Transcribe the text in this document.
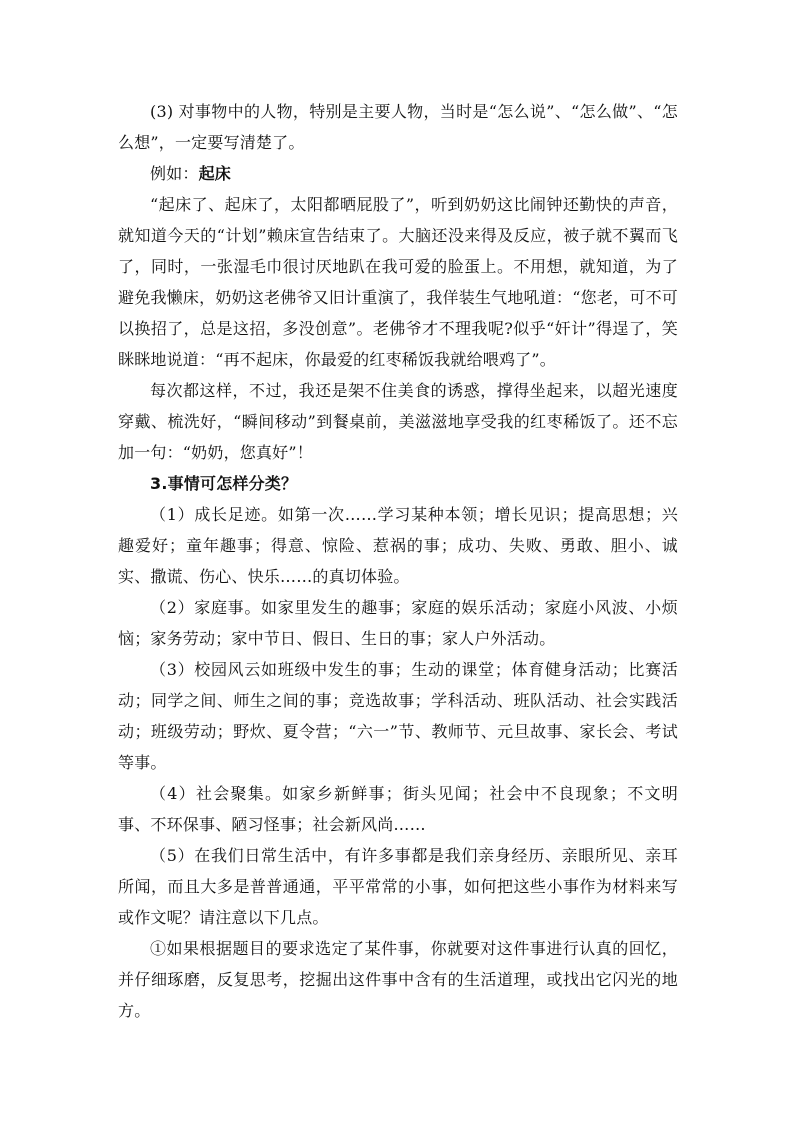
(3) 对事物中的人物，特别是主要人物，当时是“怎么说”、“怎么做”、“怎么想”，一定要写清楚了。

例如：起床

“起床了、起床了，太阳都晒屁股了”，听到奶奶这比闹钟还勤快的声音，就知道今天的“计划”赖床宣告结束了。大脑还没来得及反应，被子就不翼而飞了，同时，一张湿毛巾很讨厌地趴在我可爱的脸蛋上。不用想，就知道，为了避免我懒床，奶奶这老佛爷又旧计重演了，我佯装生气地吼道：“您老，可不可以换招了，总是这招，多没创意”。老佛爷才不理我呢?似乎“奸计”得逞了，笑眯眯地说道：“再不起床，你最爱的红枣稀饭我就给喂鸡了”。

每次都这样，不过，我还是架不住美食的诱惑，撑得坐起来，以超光速度穿戴、梳洗好，“瞬间移动”到餐桌前，美滋滋地享受我的红枣稀饭了。还不忘加一句：“奶奶，您真好”！

3.事情可怎样分类？

（1）成长足迹。如第一次……学习某种本领；增长见识；提高思想；兴趣爱好；童年趣事；得意、惊险、惹祸的事；成功、失败、勇敢、胆小、诚实、撒谎、伤心、快乐……的真切体验。

（2）家庭事。如家里发生的趣事；家庭的娱乐活动；家庭小风波、小烦恼；家务劳动；家中节日、假日、生日的事；家人户外活动。

（3）校园风云如班级中发生的事；生动的课堂；体育健身活动；比赛活动；同学之间、师生之间的事；竞选故事；学科活动、班队活动、社会实践活动；班级劳动；野炊、夏令营；“六一”节、教师节、元旦故事、家长会、考试等事。

（4）社会聚集。如家乡新鲜事；街头见闻；社会中不良现象；不文明事、不环保事、陋习怪事；社会新风尚……

（5）在我们日常生活中，有许多事都是我们亲身经历、亲眼所见、亲耳所闻，而且大多是普普通通，平平常常的小事，如何把这些小事作为材料来写或作文呢？请注意以下几点。

①如果根据题目的要求选定了某件事，你就要对这件事进行认真的回忆，并仔细琢磨，反复思考，挖掘出这件事中含有的生活道理，或找出它闪光的地方。
